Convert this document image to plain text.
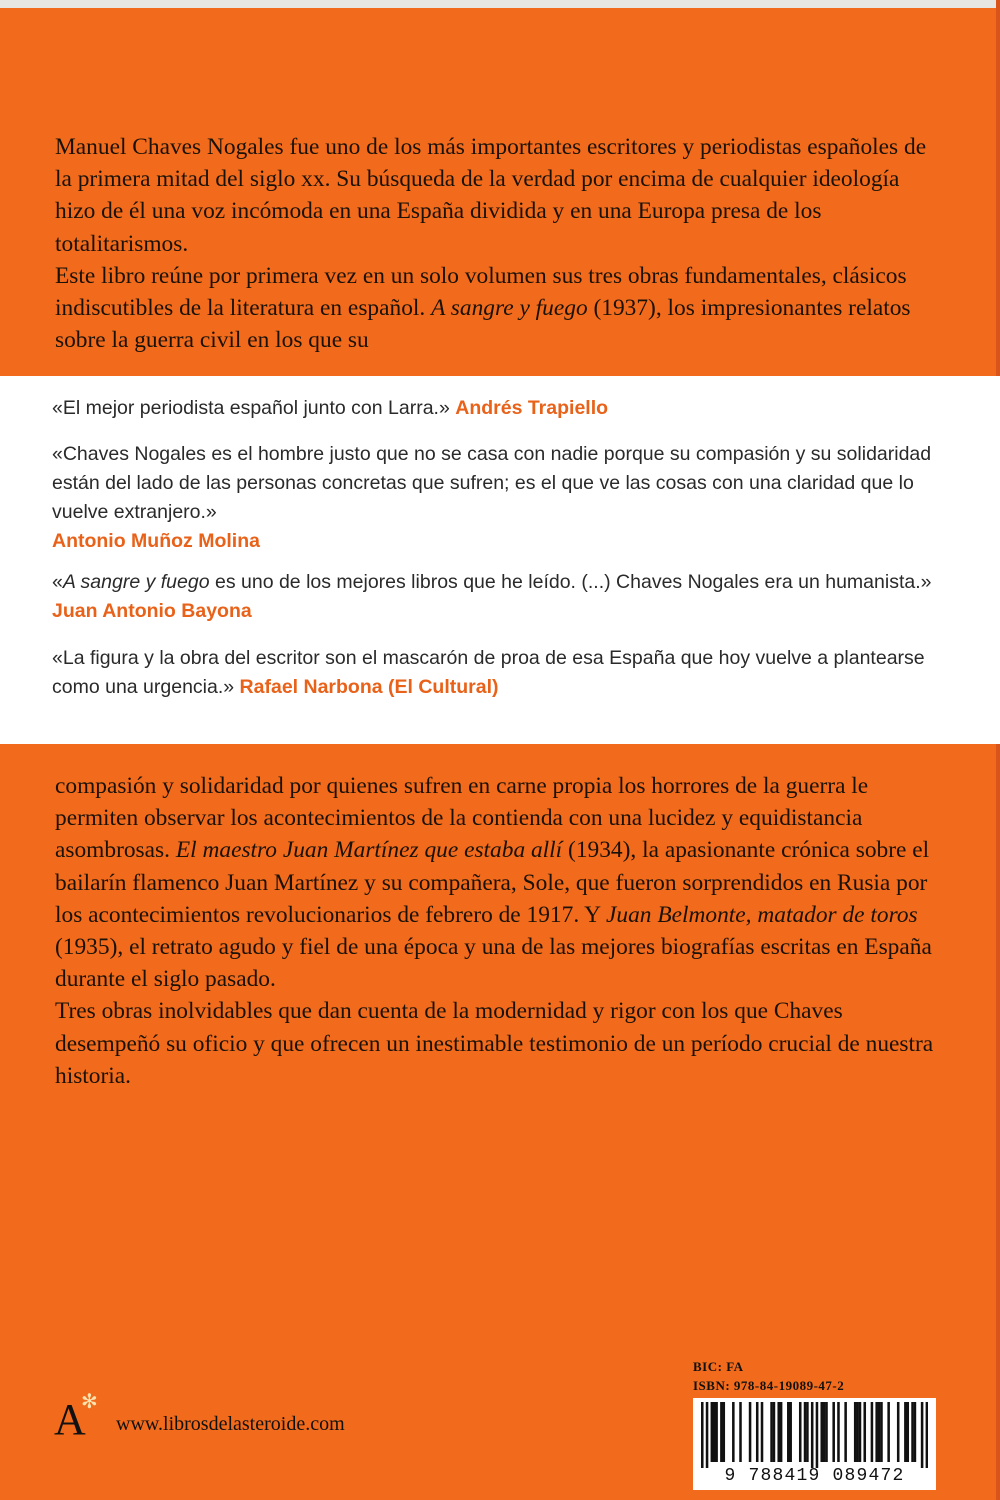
Manuel Chaves Nogales fue uno de los más importantes escritores y periodistas españoles de la primera mitad del siglo xx. Su búsqueda de la verdad por encima de cualquier ideología hizo de él una voz incómoda en una España dividida y en una Europa presa de los totalitarismos.

Este libro reúne por primera vez en un solo volumen sus tres obras fundamentales, clásicos indiscutibles de la literatura en español. A sangre y fuego (1937), los impresionantes relatos sobre la guerra civil en los que su

«El mejor periodista español junto con Larra.» Andrés Trapiello

«Chaves Nogales es el hombre justo que no se casa con nadie porque su compasión y su solidaridad están del lado de las personas concretas que sufren; es el que ve las cosas con una claridad que lo vuelve extranjero.»
Antonio Muñoz Molina

«A sangre y fuego es uno de los mejores libros que he leído. (...) Chaves Nogales era un humanista.» Juan Antonio Bayona

«La figura y la obra del escritor son el mascarón de proa de esa España que hoy vuelve a plantearse como una urgencia.» Rafael Narbona (El Cultural)

compasión y solidaridad por quienes sufren en carne propia los horrores de la guerra le permiten observar los acontecimientos de la contienda con una lucidez y equidistancia asombrosas. El maestro Juan Martínez que estaba allí (1934), la apasionante crónica sobre el bailarín flamenco Juan Martínez y su compañera, Sole, que fueron sorprendidos en Rusia por los acontecimientos revolucionarios de febrero de 1917. Y Juan Belmonte, matador de toros (1935), el retrato agudo y fiel de una época y una de las mejores biografías escritas en España durante el siglo pasado.

Tres obras inolvidables que dan cuenta de la modernidad y rigor con los que Chaves desempeñó su oficio y que ofrecen un inestimable testimonio de un período crucial de nuestra historia.

A
✻
www.librosdelasteroide.com
BIC: FA
ISBN: 978-84-19089-47-2
9 788419 089472
